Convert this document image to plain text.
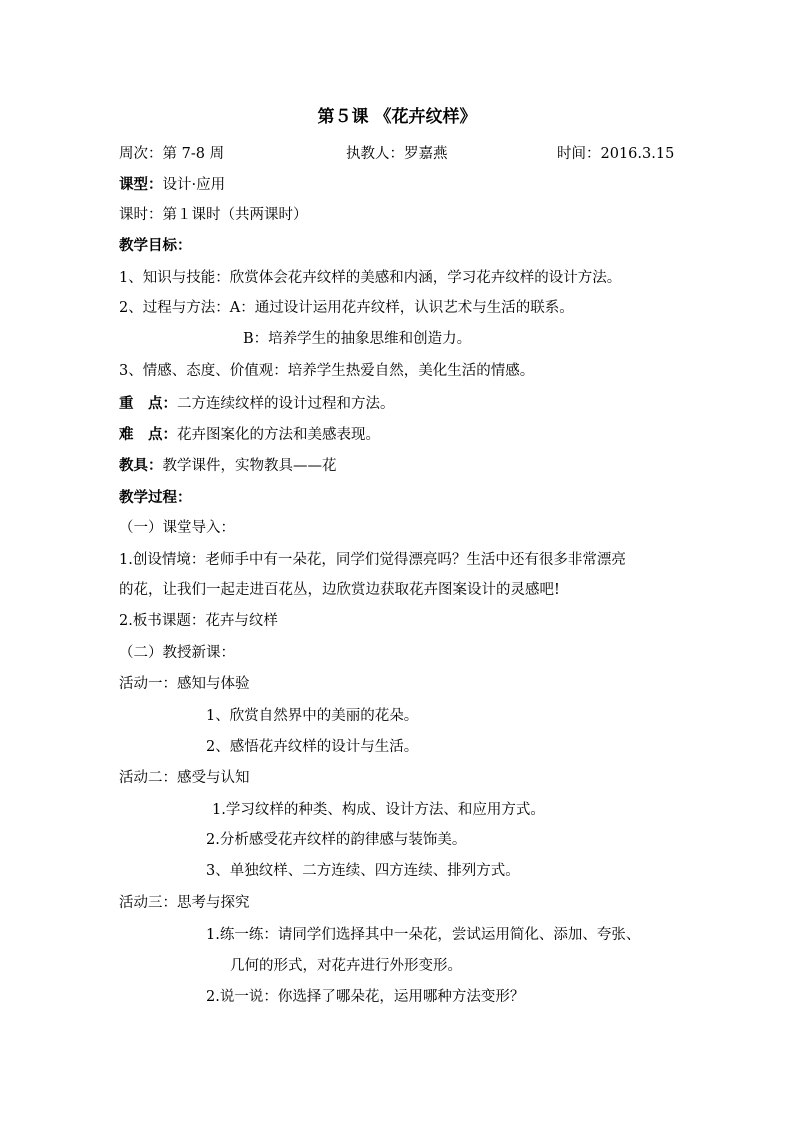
第５课 《花卉纹样》
周次：第 7-8 周	执教人：罗嘉燕	时间：2016.3.15
课型：设计·应用
课时：第１课时（共两课时）
教学目标：
1、知识与技能：欣赏体会花卉纹样的美感和内涵，学习花卉纹样的设计方法。
2、过程与方法：A：通过设计运用花卉纹样，认识艺术与生活的联系。
B：培养学生的抽象思维和创造力。
3、情感、态度、价值观：培养学生热爱自然，美化生活的情感。
重　点：二方连续纹样的设计过程和方法。
难　点：花卉图案化的方法和美感表现。
教具：教学课件，实物教具——花
教学过程：
（一）课堂导入：
1.创设情境：老师手中有一朵花，同学们觉得漂亮吗？生活中还有很多非常漂亮
的花，让我们一起走进百花丛，边欣赏边获取花卉图案设计的灵感吧!
2.板书课题：花卉与纹样
（二）教授新课：
活动一：感知与体验
1、欣赏自然界中的美丽的花朵。
2、感悟花卉纹样的设计与生活。
活动二：感受与认知
1.学习纹样的种类、构成、设计方法、和应用方式。
2.分析感受花卉纹样的韵律感与装饰美。
3、单独纹样、二方连续、四方连续、排列方式。
活动三：思考与探究
1.练一练：请同学们选择其中一朵花，尝试运用简化、添加、夸张、
几何的形式，对花卉进行外形变形。
2.说一说：你选择了哪朵花，运用哪种方法变形？
